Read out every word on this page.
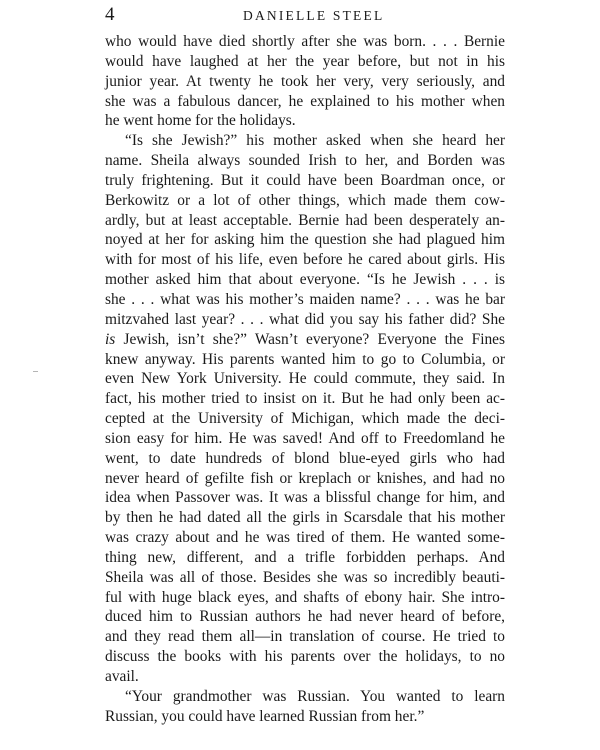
4	DANIELLE STEEL
who would have died shortly after she was born. . . . Bernie
would have laughed at her the year before, but not in his
junior year. At twenty he took her very, very seriously, and
she was a fabulous dancer, he explained to his mother when
he went home for the holidays.
“Is she Jewish?” his mother asked when she heard her
name. Sheila always sounded Irish to her, and Borden was
truly frightening. But it could have been Boardman once, or
Berkowitz or a lot of other things, which made them cow-
ardly, but at least acceptable. Bernie had been desperately an-
noyed at her for asking him the question she had plagued him
with for most of his life, even before he cared about girls. His
mother asked him that about everyone. “Is he Jewish . . . is
she . . . what was his mother’s maiden name? . . . was he bar
mitzvahed last year? . . . what did you say his father did? She
is Jewish, isn’t she?” Wasn’t everyone? Everyone the Fines
knew anyway. His parents wanted him to go to Columbia, or
even New York University. He could commute, they said. In
fact, his mother tried to insist on it. But he had only been ac-
cepted at the University of Michigan, which made the deci-
sion easy for him. He was saved! And off to Freedomland he
went, to date hundreds of blond blue-eyed girls who had
never heard of gefilte fish or kreplach or knishes, and had no
idea when Passover was. It was a blissful change for him, and
by then he had dated all the girls in Scarsdale that his mother
was crazy about and he was tired of them. He wanted some-
thing new, different, and a trifle forbidden perhaps. And
Sheila was all of those. Besides she was so incredibly beauti-
ful with huge black eyes, and shafts of ebony hair. She intro-
duced him to Russian authors he had never heard of before,
and they read them all—in translation of course. He tried to
discuss the books with his parents over the holidays, to no
avail.
“Your grandmother was Russian. You wanted to learn
Russian, you could have learned Russian from her.”
